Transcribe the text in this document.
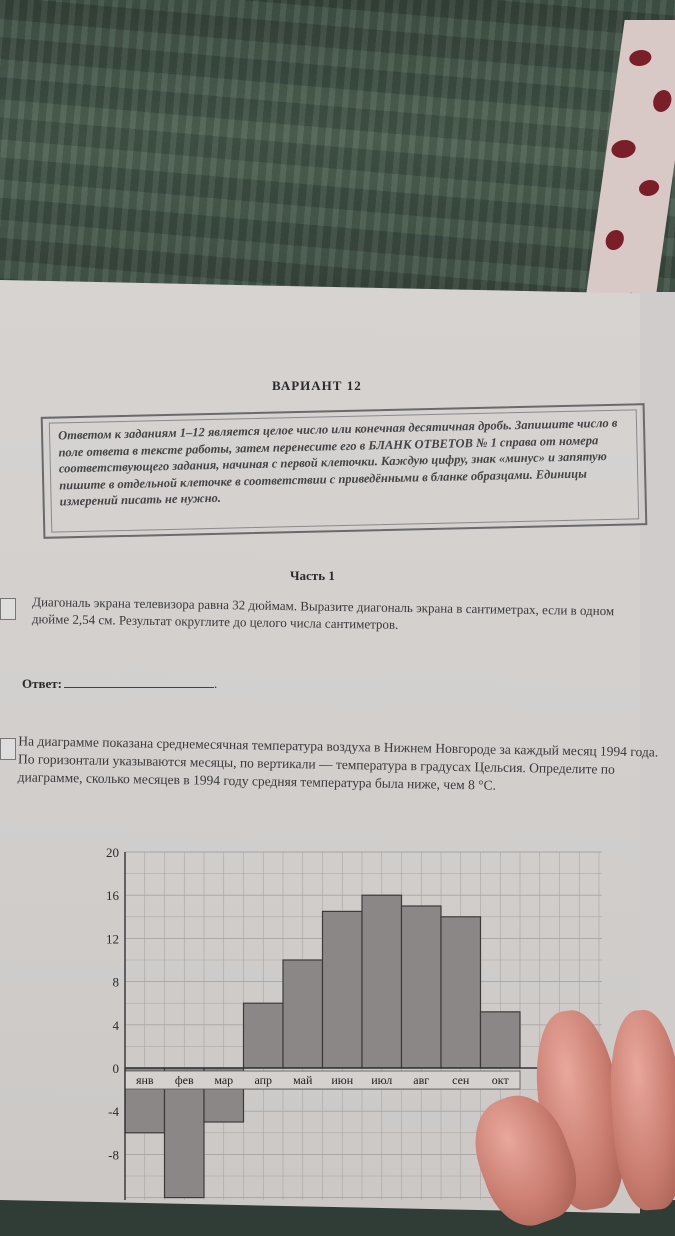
ВАРИАНТ 12
Ответом к заданиям 1–12 является целое число или конечная десятичная дробь. Запишите число в поле ответа в тексте работы, затем перенесите его в БЛАНК ОТВЕТОВ № 1 справа от номера соответствующего задания, начиная с первой клеточки. Каждую цифру, знак «минус» и запятую пишите в отдельной клеточке в соответствии с приведёнными в бланке образцами. Единицы измерений писать не нужно.
Часть 1
Диагональ экрана телевизора равна 32 дюймам. Выразите диагональ экрана в сантиметрах, если в одном дюйме 2,54 см. Результат округлите до целого числа сантиметров.
Ответ:	.
На диаграмме показана среднемесячная температура воздуха в Нижнем Новгороде за каждый месяц 1994 года. По горизонтали указываются месяцы, по вертикали — температура в градусах Цельсия. Определите по диаграмме, сколько месяцев в 1994 году средняя температура была ниже, чем 8 °С.
янв фев мар апр май июн июл авг сен окт
20
16
12
8
4
0
-4
-8
